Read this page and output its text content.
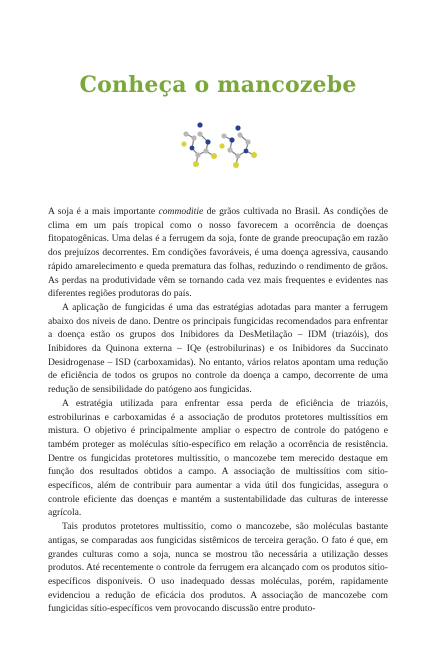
Conheça o mancozebe

A soja é a mais importante commoditie de grãos cultivada no Brasil. As condições de clima em um país tropical como o nosso favorecem a ocorrência de doenças fitopatogênicas. Uma delas é a ferrugem da soja, fonte de grande preocupação em razão dos prejuízos decorrentes. Em condições favoráveis, é uma doença agressiva, causando rápido amarelecimento e queda prematura das folhas, reduzindo o rendimento de grãos. As perdas na produtividade vêm se tornando cada vez mais frequentes e evidentes nas diferentes regiões produtoras do país.

A aplicação de fungicidas é uma das estratégias adotadas para manter a ferrugem abaixo dos níveis de dano. Dentre os principais fungicidas recomendados para enfrentar a doença estão os grupos dos Inibidores da DesMetilação – IDM (triazóis), dos Inibidores da Quinona externa – IQe (estrobilurinas) e os Inibidores da Succinato Desidrogenase – ISD (carboxamidas). No entanto, vários relatos apontam uma redução de eficiência de todos os grupos no controle da doença a campo, decorrente de uma redução de sensibilidade do patógeno aos fungicidas.

A estratégia utilizada para enfrentar essa perda de eficiência de triazóis, estrobilurinas e carboxamidas é a associação de produtos protetores multissítios em mistura. O objetivo é principalmente ampliar o espectro de controle do patógeno e também proteger as moléculas sítio-específico em relação a ocorrência de resistência. Dentre os fungicidas protetores multissítio, o mancozebe tem merecido destaque em função dos resultados obtidos a campo. A associação de multissítios com sítio-específicos, além de contribuir para aumentar a vida útil dos fungicidas, assegura o controle eficiente das doenças e mantém a sustentabilidade das culturas de interesse agrícola.

Tais produtos protetores multissítio, como o mancozebe, são moléculas bastante antigas, se comparadas aos fungicidas sistêmicos de terceira geração. O fato é que, em grandes culturas como a soja, nunca se mostrou tão necessária a utilização desses produtos. Até recentemente o controle da ferrugem era alcançado com os produtos sítio-específicos disponíveis. O uso inadequado dessas moléculas, porém, rapidamente evidenciou a redução de eficácia dos produtos. A associação de mancozebe com fungicidas sítio-específicos vem provocando discussão entre produto-
